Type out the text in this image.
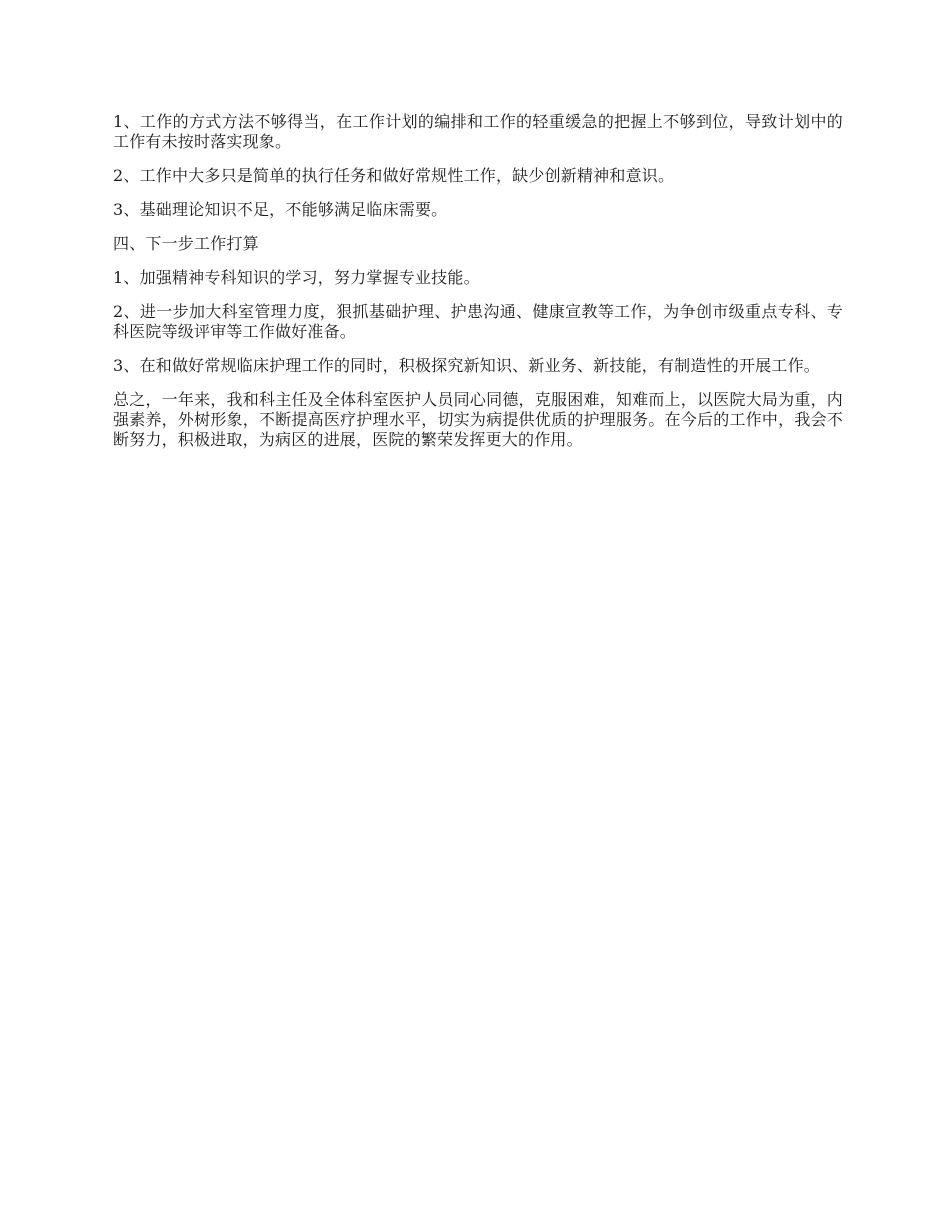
1、工作的方式方法不够得当，在工作计划的编排和工作的轻重缓急的把握上不够到位，导致计划中的工作有未按时落实现象。

2、工作中大多只是简单的执行任务和做好常规性工作，缺少创新精神和意识。

3、基础理论知识不足，不能够满足临床需要。

四、下一步工作打算

1、加强精神专科知识的学习，努力掌握专业技能。

2、进一步加大科室管理力度，狠抓基础护理、护患沟通、健康宣教等工作，为争创市级重点专科、专科医院等级评审等工作做好准备。

3、在和做好常规临床护理工作的同时，积极探究新知识、新业务、新技能，有制造性的开展工作。

总之，一年来，我和科主任及全体科室医护人员同心同德，克服困难，知难而上，以医院大局为重，内强素养，外树形象，不断提高医疗护理水平，切实为病提供优质的护理服务。在今后的工作中，我会不断努力，积极进取，为病区的进展，医院的繁荣发挥更大的作用。
